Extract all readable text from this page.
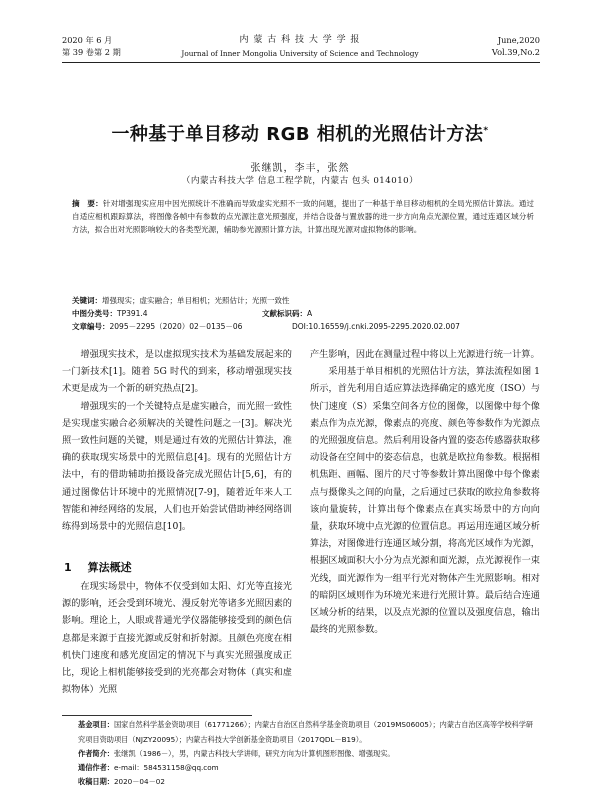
2020 年 6 月
第 39 卷第 2 期
内 蒙 古 科 技 大 学 学 报
Journal of Inner Mongolia University of Science and Technology
June,2020
Vol.39,No.2
一种基于单目移动 RGB 相机的光照估计方法*
张继凯，李丰，张然
（内蒙古科技大学 信息工程学院，内蒙古 包头 014010）
摘　要：针对增强现实应用中因光照统计不准确而导致虚实光照不一致的问题，提出了一种基于单目移动相机的全局光照估计算法。通过自适应相机跟踪算法，将图像各帧中有参数的点光源注意光照强度，并结合设备与置放器的进一步方向角点光源位置，通过连通区域分析方法，拟合出对光照影响较大的各类型光源，辅助参光源照计算方法，计算出现光源对虚拟物体的影响。
关键词：增强现实；虚实融合；单目相机；光照估计；光照一致性
中图分类号：TP391.4	文献标识码：A
文章编号：2095－2295（2020）02－0135－06	DOI:10.16559/j.cnki.2095-2295.2020.02.007

增强现实技术，是以虚拟现实技术为基础发展起来的一门新技术[1]。随着 5G 时代的到来，移动增强现实技术更是成为一个新的研究热点[2]。

增强现实的一个关键特点是虚实融合，而光照一致性是实现虚实融合必须解决的关键性问题之一[3]。解决光照一致性问题的关键，则是通过有效的光照估计算法，准确的获取现实场景中的光照信息[4]。现有的光照估计方法中，有的借助辅助拍摄设备完成光照估计[5,6]，有的通过图像估计环境中的光照情况[7-9]，随着近年来人工智能和神经网络的发展，人们也开始尝试借助神经网络训练得到场景中的光照信息[10]。

1 算法概述

在现实场景中，物体不仅受到如太阳、灯光等直接光源的影响，还会受到环境光、漫反射光等诸多光照因素的影响。理论上，人眼或普通光学仪器能够接受到的颜色信息都是来源于直接光源或反射和折射源。且颜色亮度在相机快门速度和感光度固定的情况下与真实光照强度成正比，现论上相机能够接受到的光亮都会对物体（真实和虚拟物体）光照

产生影响，因此在测量过程中将以上光源进行统一计算。

采用基于单目相机的光照估计方法，算法流程如图 1 所示，首先利用自适应算法选择确定的感光度（ISO）与快门速度（S）采集空间各方位的图像，以图像中每个像素点作为点光源，像素点的亮度、颜色等参数作为光源点的光照强度信息。然后利用设备内置的姿态传感器获取移动设备在空间中的姿态信息，也就是欧拉角参数。根据相机焦距、画幅、图片的尺寸等参数计算出图像中每个像素点与摄像头之间的向量，之后通过已获取的欧拉角参数将该向量旋转，计算出每个像素点在真实场景中的方向向量，获取环境中点光源的位置信息。再运用连通区域分析算法，对图像进行连通区域分割，将高光区域作为光源，根据区域面积大小分为点光源和面光源，点光源视作一束光线，面光源作为一组平行光对物体产生光照影响。相对的暗阴区域则作为环境光来进行光照计算。最后结合连通区域分析的结果，以及点光源的位置以及强度信息，输出最终的光照参数。

基金项目：国家自然科学基金资助项目（61771266）；内蒙古自治区自然科学基金资助项目（2019MS06005）；内蒙古自治区高等学校科学研究项目资助项目（NJZY20095）；内蒙古科技大学创新基金资助项目（2017QDL－B19）。
作者简介：张继凯（1986－），男，内蒙古科技大学讲师，研究方向为计算机图形图像、增强现实。
通信作者：e-mail：584531158@qq.com
收稿日期：2020－04－02
